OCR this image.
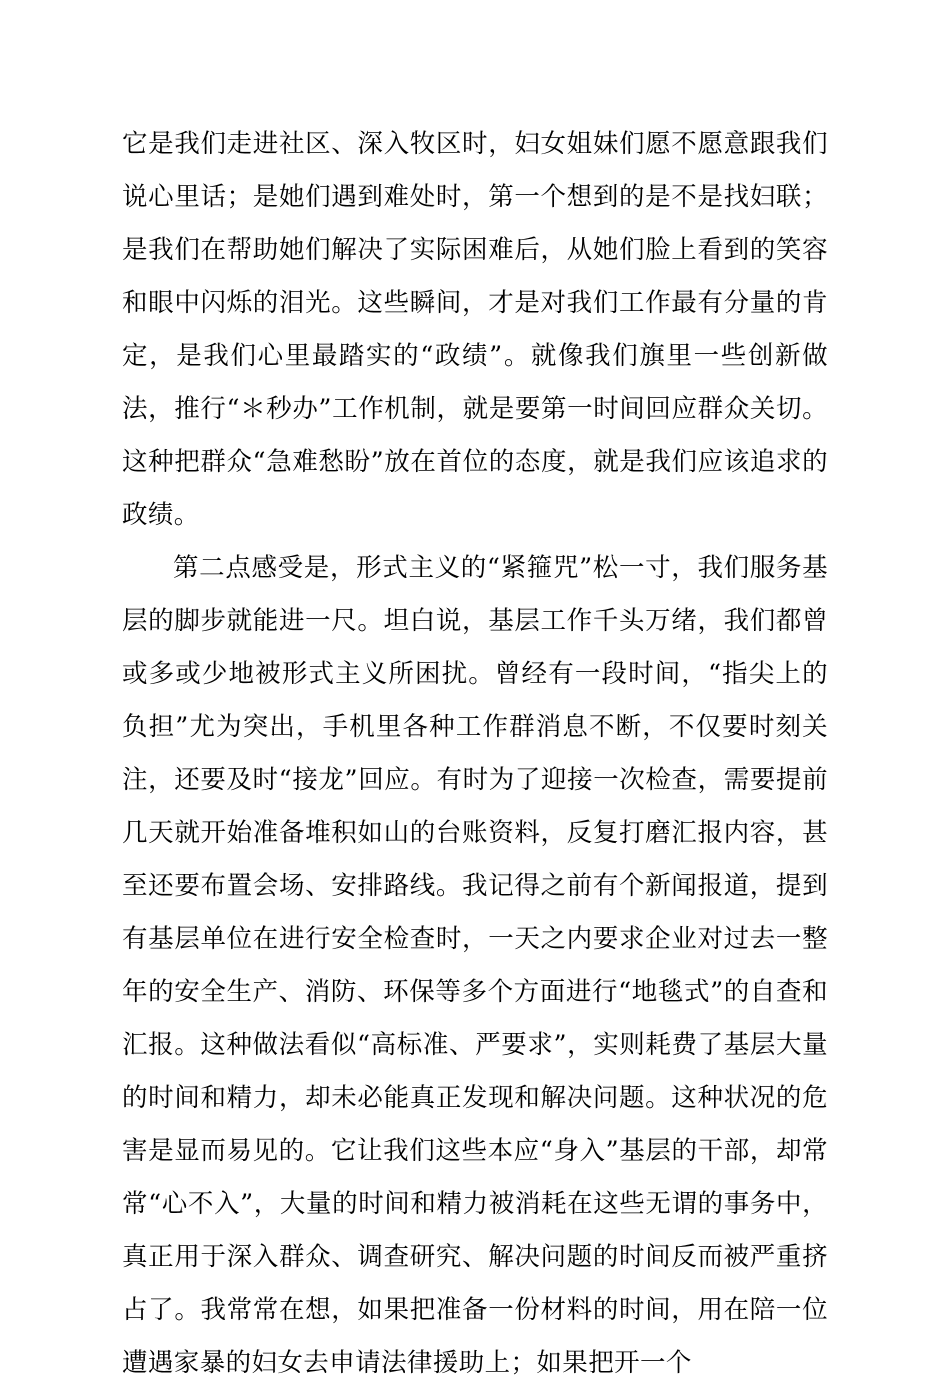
它是我们走进社区、深入牧区时，妇女姐妹们愿不愿意跟我们说心里话；是她们遇到难处时，第一个想到的是不是找妇联；是我们在帮助她们解决了实际困难后，从她们脸上看到的笑容和眼中闪烁的泪光。这些瞬间，才是对我们工作最有分量的肯定，是我们心里最踏实的“政绩”。就像我们旗里一些创新做法，推行“＊秒办”工作机制，就是要第一时间回应群众关切。这种把群众“急难愁盼”放在首位的态度，就是我们应该追求的政绩。

第二点感受是，形式主义的“紧箍咒”松一寸，我们服务基层的脚步就能进一尺。坦白说，基层工作千头万绪，我们都曾或多或少地被形式主义所困扰。曾经有一段时间，“指尖上的负担”尤为突出，手机里各种工作群消息不断，不仅要时刻关注，还要及时“接龙”回应。有时为了迎接一次检查，需要提前几天就开始准备堆积如山的台账资料，反复打磨汇报内容，甚至还要布置会场、安排路线。我记得之前有个新闻报道，提到有基层单位在进行安全检查时，一天之内要求企业对过去一整年的安全生产、消防、环保等多个方面进行“地毯式”的自查和汇报。这种做法看似“高标准、严要求”，实则耗费了基层大量的时间和精力，却未必能真正发现和解决问题。这种状况的危害是显而易见的。它让我们这些本应“身入”基层的干部，却常常“心不入”，大量的时间和精力被消耗在这些无谓的事务中，真正用于深入群众、调查研究、解决问题的时间反而被严重挤占了。我常常在想，如果把准备一份材料的时间，用在陪一位遭遇家暴的妇女去申请法律援助上；如果把开一个
